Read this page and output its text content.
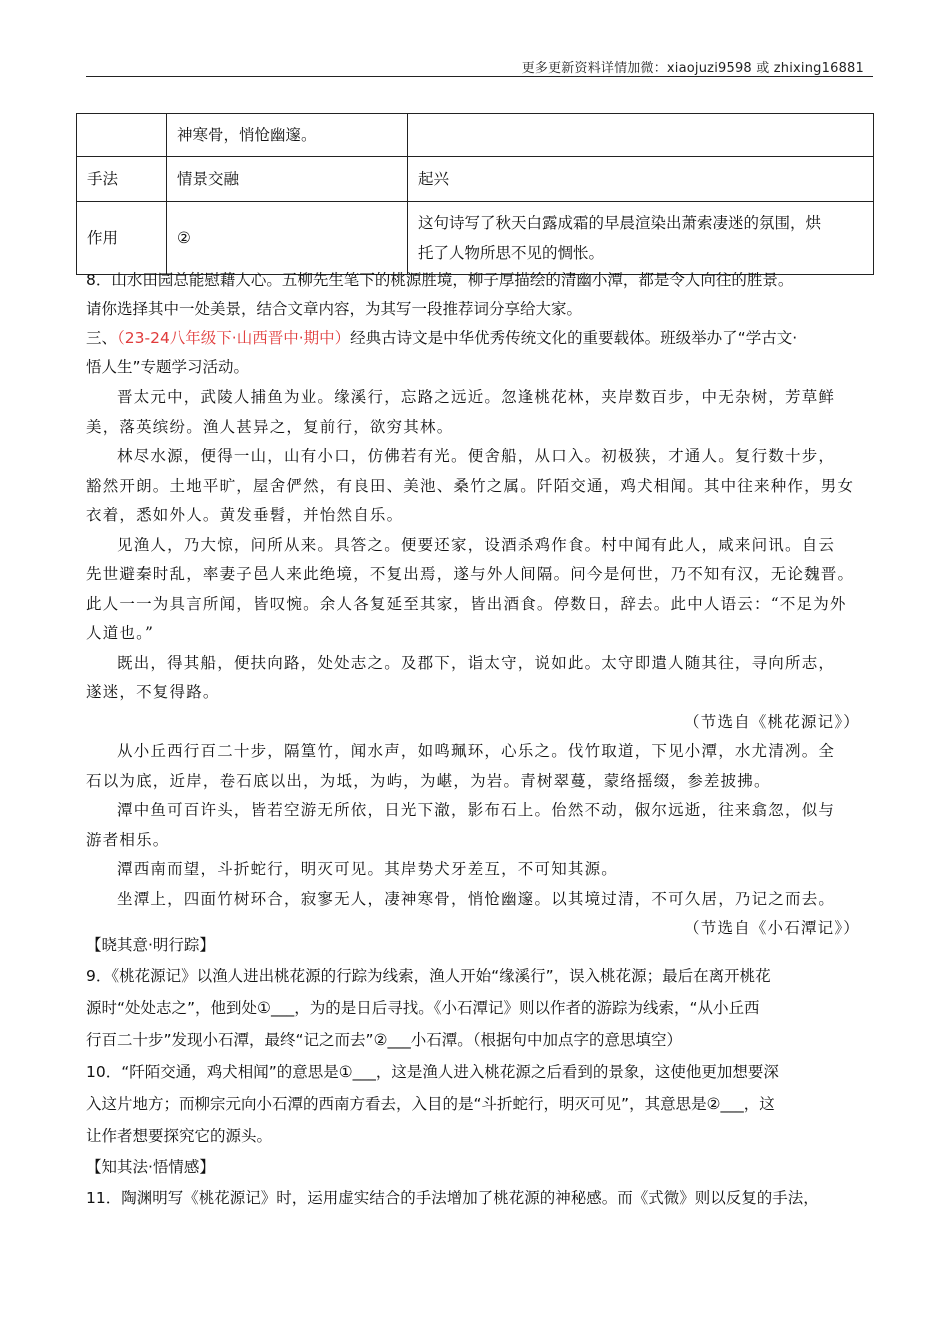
更多更新资料详情加微：xiaojuzi9598 或 zhixing16881
	神寒骨，悄怆幽邃。	
手法	情景交融	起兴
作用	②	这句诗写了秋天白露成霜的早晨渲染出萧索凄迷的氛围，烘
托了人物所思不见的惆怅。

8．山水田园总能慰藉人心。五柳先生笔下的桃源胜境，柳子厚描绘的清幽小潭，都是令人向往的胜景。

请你选择其中一处美景，结合文章内容，为其写一段推荐词分享给大家。

三、（23-24八年级下·山西晋中·期中）经典古诗文是中华优秀传统文化的重要载体。班级举办了“学古文·

悟人生”专题学习活动。

晋太元中，武陵人捕鱼为业。缘溪行，忘路之远近。忽逢桃花林，夹岸数百步，中无杂树，芳草鲜

美，落英缤纷。渔人甚异之，复前行，欲穷其林。

林尽水源，便得一山，山有小口，仿佛若有光。便舍船，从口入。初极狭，才通人。复行数十步，

豁然开朗。土地平旷，屋舍俨然，有良田、美池、桑竹之属。阡陌交通，鸡犬相闻。其中往来种作，男女

衣着，悉如外人。黄发垂髫，并怡然自乐。

见渔人，乃大惊，问所从来。具答之。便要还家，设酒杀鸡作食。村中闻有此人，咸来问讯。自云

先世避秦时乱，率妻子邑人来此绝境，不复出焉，遂与外人间隔。问今是何世，乃不知有汉，无论魏晋。

此人一一为具言所闻，皆叹惋。余人各复延至其家，皆出酒食。停数日，辞去。此中人语云：“不足为外

人道也。”

既出，得其船，便扶向路，处处志之。及郡下，诣太守，说如此。太守即遣人随其往，寻向所志，

遂迷，不复得路。

（节选自《桃花源记》）

从小丘西行百二十步，隔篁竹，闻水声，如鸣珮环，心乐之。伐竹取道，下见小潭，水尤清冽。全

石以为底，近岸，卷石底以出，为坻，为屿，为嵁，为岩。青树翠蔓，蒙络摇缀，参差披拂。

潭中鱼可百许头，皆若空游无所依，日光下澈，影布石上。佁然不动，俶尔远逝，往来翕忽，似与

游者相乐。

潭西南而望，斗折蛇行，明灭可见。其岸势犬牙差互，不可知其源。

坐潭上，四面竹树环合，寂寥无人，凄神寒骨，悄怆幽邃。以其境过清，不可久居，乃记之而去。

（节选自《小石潭记》）

【晓其意·明行踪】

9．《桃花源记》以渔人进出桃花源的行踪为线索，渔人开始“缘溪行”，误入桃花源；最后在离开桃花

源时“处处志之”，他到处①___，为的是日后寻找。《小石潭记》则以作者的游踪为线索，“从小丘西

行百二十步”发现小石潭，最终“记之而去”②___小石潭。（根据句中加点字的意思填空）

10．“阡陌交通，鸡犬相闻”的意思是①___，这是渔人进入桃花源之后看到的景象，这使他更加想要深

入这片地方；而柳宗元向小石潭的西南方看去，入目的是“斗折蛇行，明灭可见”，其意思是②___，这

让作者想要探究它的源头。

【知其法·悟情感】

11．陶渊明写《桃花源记》时，运用虚实结合的手法增加了桃花源的神秘感。而《式微》则以反复的手法，
